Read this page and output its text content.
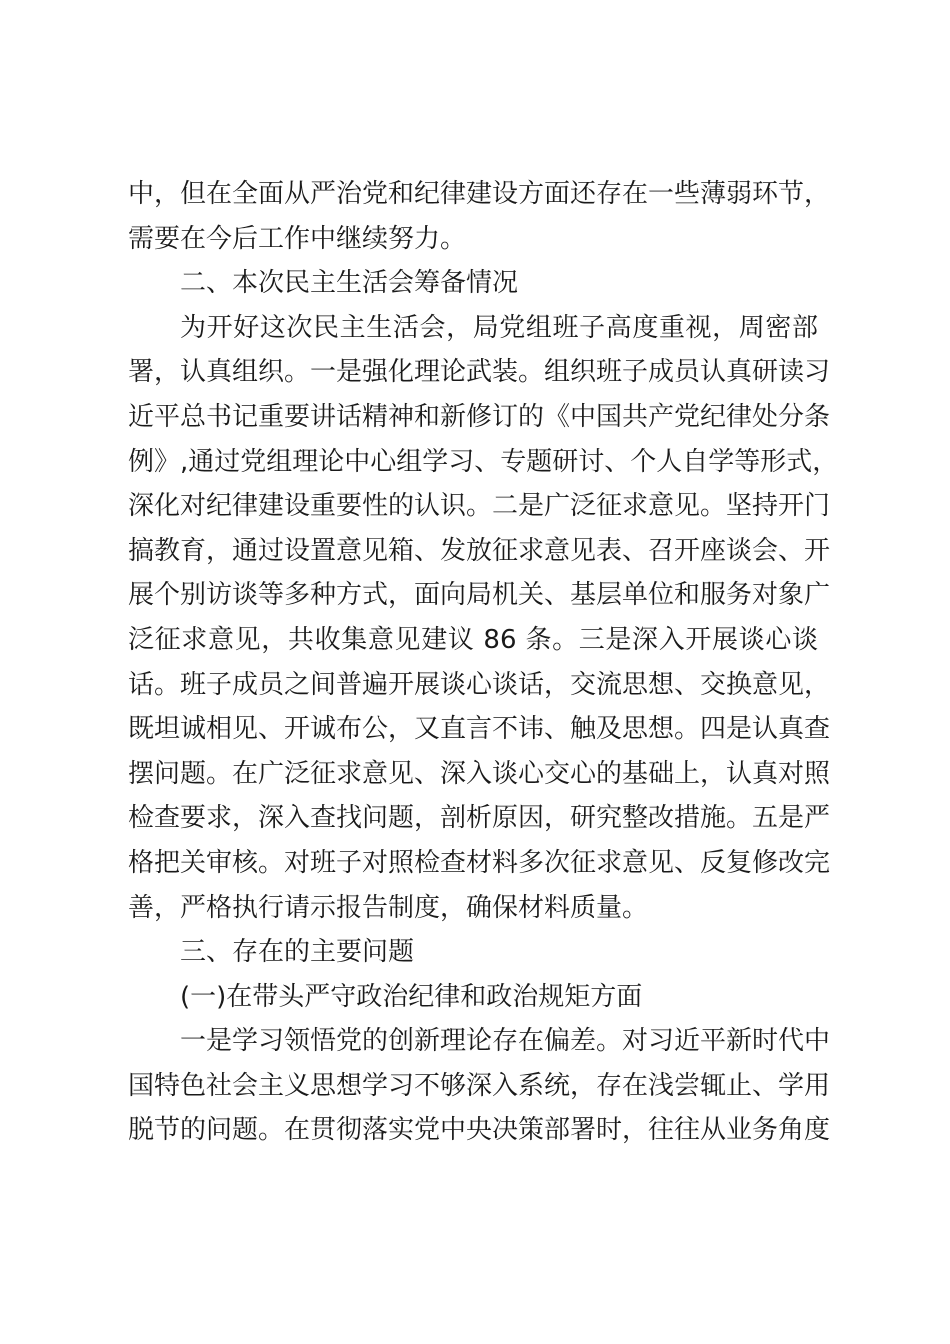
中，但在全面从严治党和纪律建设方面还存在一些薄弱环节，
需要在今后工作中继续努力。
二、本次民主生活会筹备情况
为开好这次民主生活会，局党组班子高度重视，周密部
署，认真组织。一是强化理论武装。组织班子成员认真研读习
近平总书记重要讲话精神和新修订的《中国共产党纪律处分条
例》,通过党组理论中心组学习、专题研讨、个人自学等形式，
深化对纪律建设重要性的认识。二是广泛征求意见。坚持开门
搞教育，通过设置意见箱、发放征求意见表、召开座谈会、开
展个别访谈等多种方式，面向局机关、基层单位和服务对象广
泛征求意见，共收集意见建议 86 条。三是深入开展谈心谈
话。班子成员之间普遍开展谈心谈话，交流思想、交换意见，
既坦诚相见、开诚布公，又直言不讳、触及思想。四是认真查
摆问题。在广泛征求意见、深入谈心交心的基础上，认真对照
检查要求，深入查找问题，剖析原因，研究整改措施。五是严
格把关审核。对班子对照检查材料多次征求意见、反复修改完
善，严格执行请示报告制度，确保材料质量。
三、存在的主要问题
(一)在带头严守政治纪律和政治规矩方面
一是学习领悟党的创新理论存在偏差。对习近平新时代中
国特色社会主义思想学习不够深入系统，存在浅尝辄止、学用
脱节的问题。在贯彻落实党中央决策部署时，往往从业务角度
